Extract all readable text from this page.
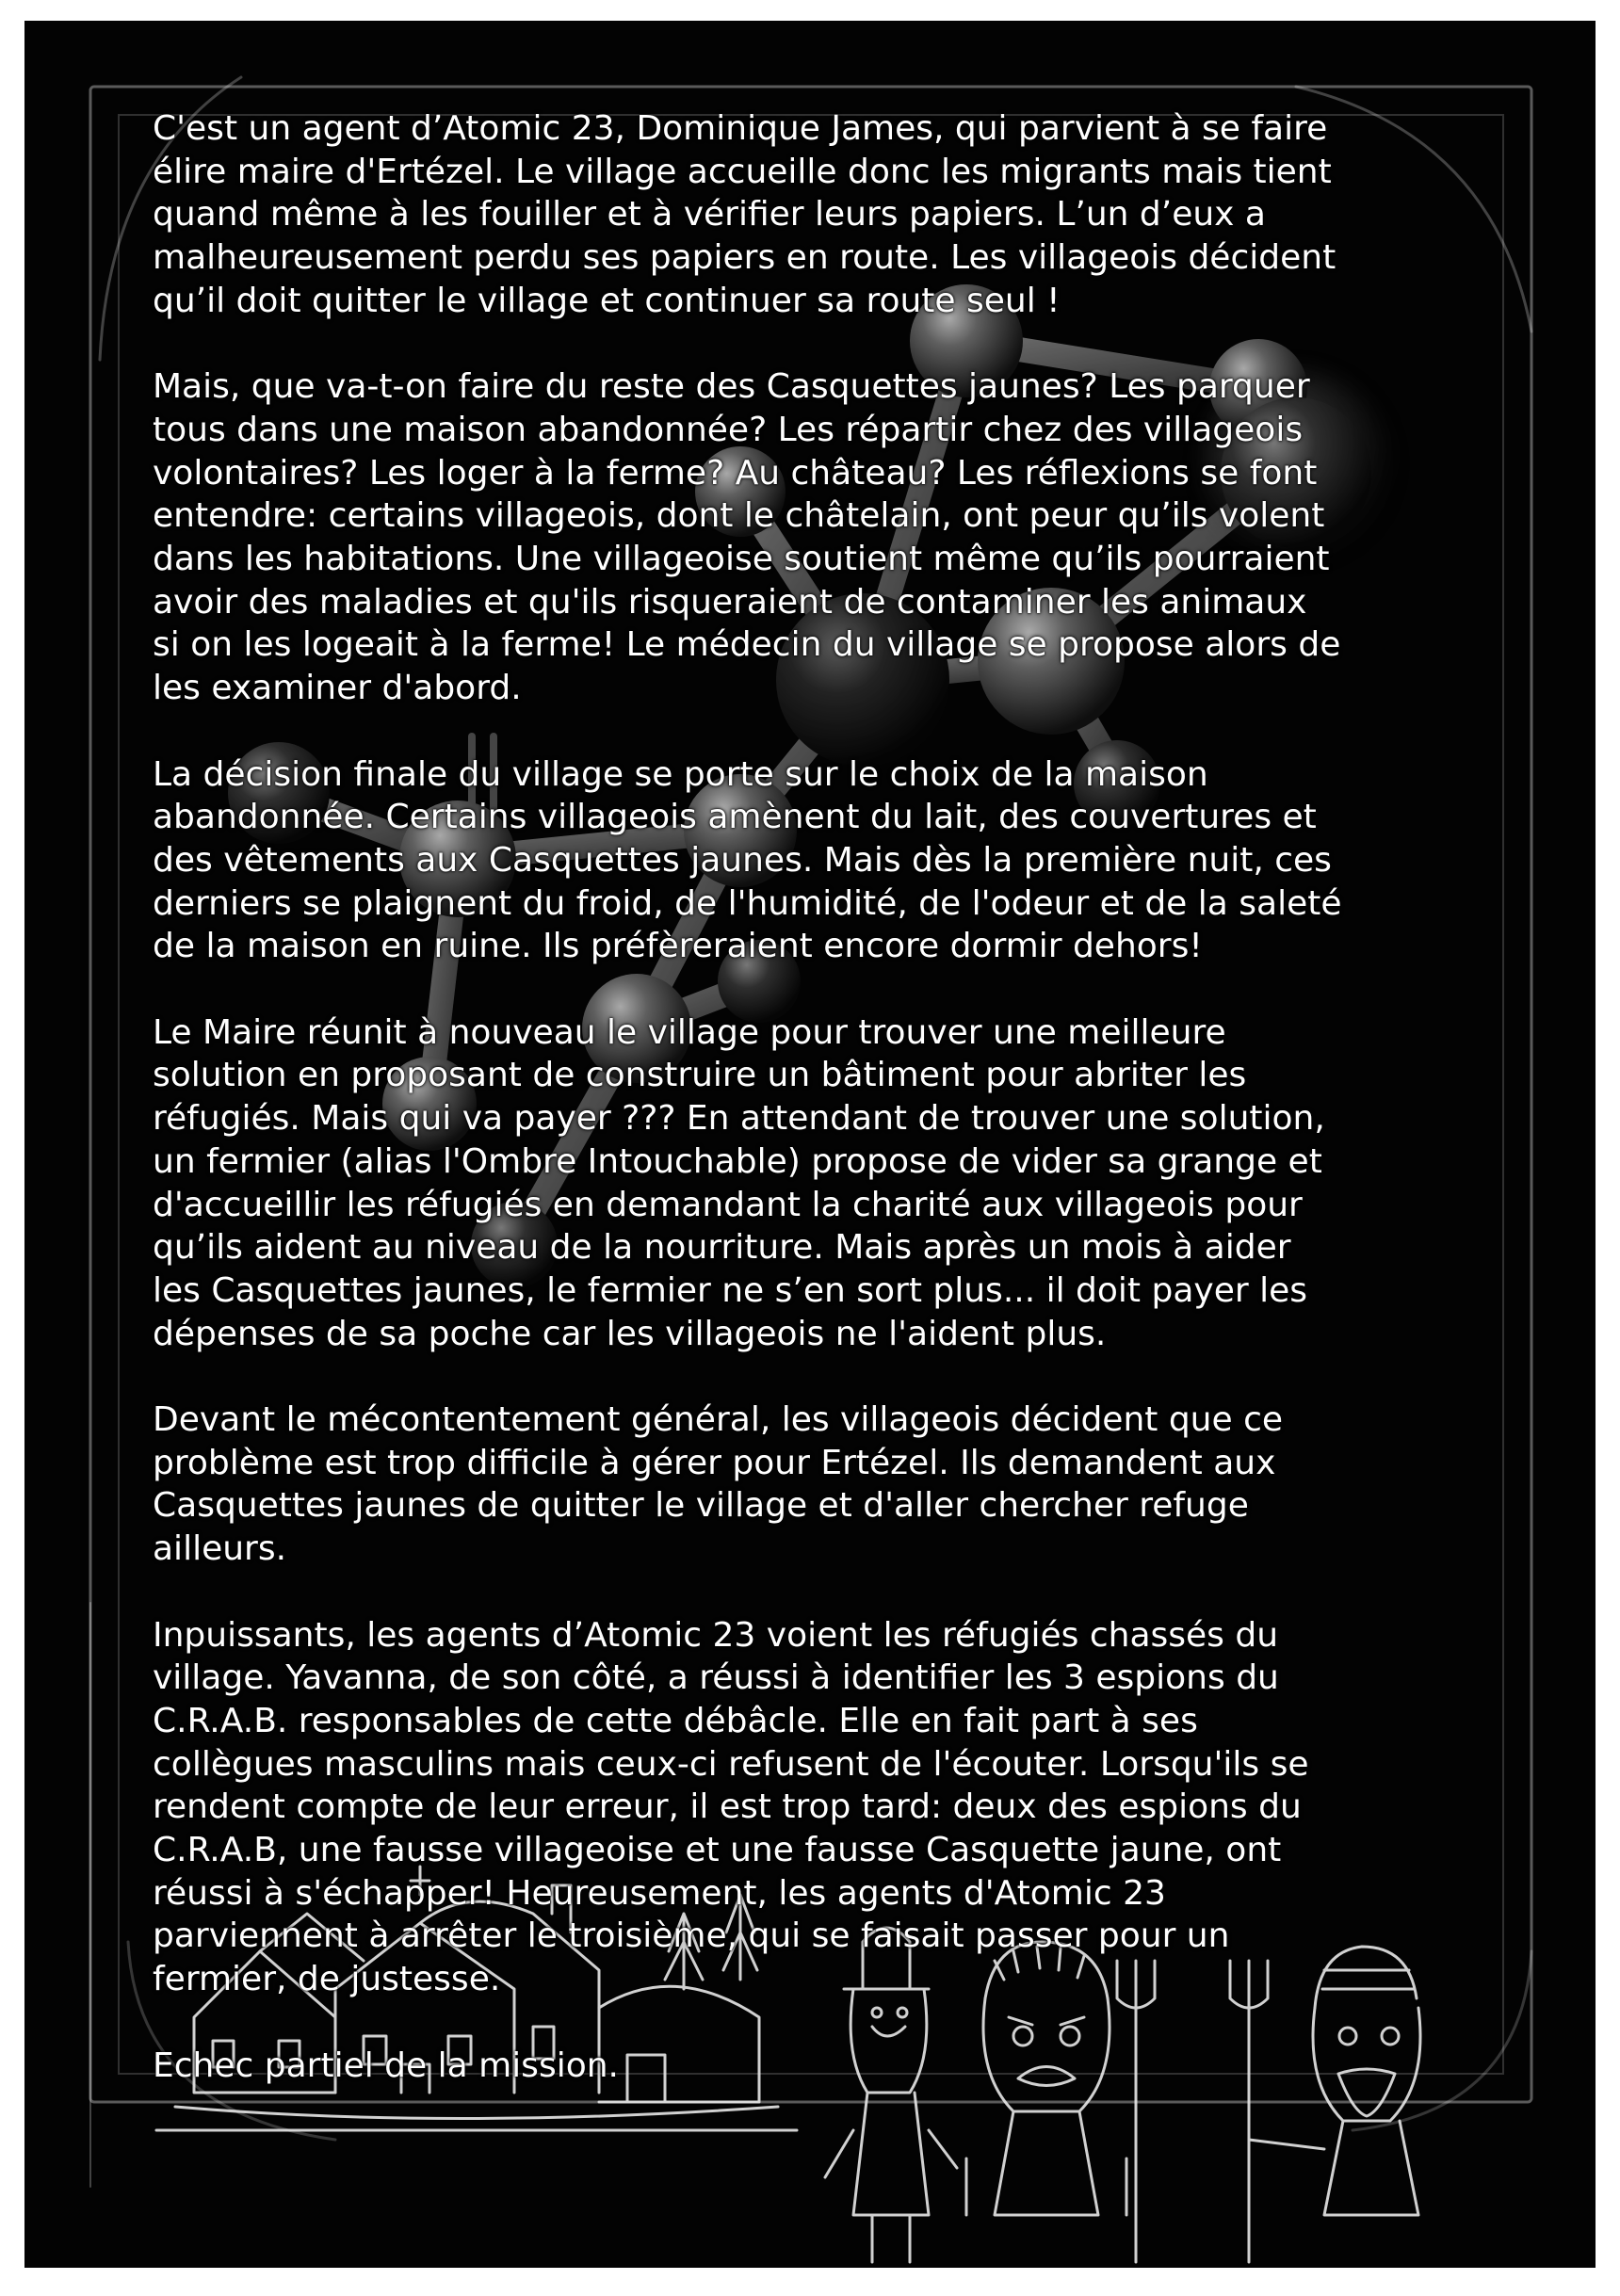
C'est un agent d’Atomic 23, Dominique James, qui parvient à se faire
élire maire d'Ertézel. Le village accueille donc les migrants mais tient
quand même à les fouiller et à vérifier leurs papiers. L’un d’eux a
malheureusement perdu ses papiers en route. Les villageois décident
qu’il doit quitter le village et continuer sa route seul !

Mais, que va-t-on faire du reste des Casquettes jaunes? Les parquer
tous dans une maison abandonnée? Les répartir chez des villageois
volontaires? Les loger à la ferme? Au château? Les réflexions se font
entendre: certains villageois, dont le châtelain, ont peur qu’ils volent
dans les habitations. Une villageoise soutient même qu’ils pourraient
avoir des maladies et qu'ils risqueraient de contaminer les animaux
si on les logeait à la ferme! Le médecin du village se propose alors de
les examiner d'abord.

La décision finale du village se porte sur le choix de la maison
abandonnée. Certains villageois amènent du lait, des couvertures et
des vêtements aux Casquettes jaunes. Mais dès la première nuit, ces
derniers se plaignent du froid, de l'humidité, de l'odeur et de la saleté
de la maison en ruine. Ils préfèreraient encore dormir dehors!

Le Maire réunit à nouveau le village pour trouver une meilleure
solution en proposant de construire un bâtiment pour abriter les
réfugiés. Mais qui va payer ??? En attendant de trouver une solution,
un fermier (alias l'Ombre Intouchable) propose de vider sa grange et
d'accueillir les réfugiés en demandant la charité aux villageois pour
qu’ils aident au niveau de la nourriture. Mais après un mois à aider
les Casquettes jaunes, le fermier ne s’en sort plus... il doit payer les
dépenses de sa poche car les villageois ne l'aident plus.

Devant le mécontentement général, les villageois décident que ce
problème est trop difficile à gérer pour Ertézel. Ils demandent aux
Casquettes jaunes de quitter le village et d'aller chercher refuge
ailleurs.

Inpuissants, les agents d’Atomic 23 voient les réfugiés chassés du
village. Yavanna, de son côté, a réussi à identifier les 3 espions du
C.R.A.B. responsables de cette débâcle. Elle en fait part à ses
collègues masculins mais ceux-ci refusent de l'écouter. Lorsqu'ils se
rendent compte de leur erreur, il est trop tard: deux des espions du
C.R.A.B, une fausse villageoise et une fausse Casquette jaune, ont
réussi à s'échapper! Heureusement, les agents d'Atomic 23
parviennent à arrêter le troisième, qui se faisait passer pour un
fermier, de justesse.

Echec partiel de la mission.
